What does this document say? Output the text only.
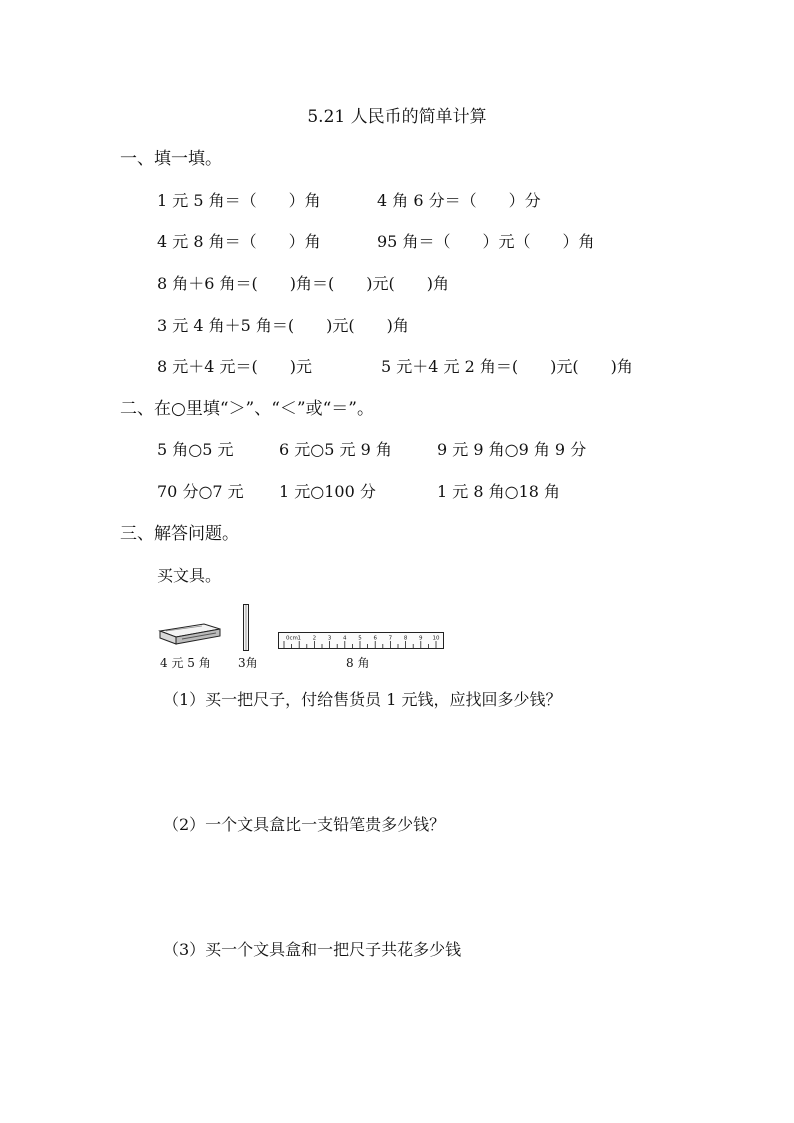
5.21 人民币的简单计算
一、填一填。
1 元 5 角＝（　　）角	4 角 6 分＝（　　）分
4 元 8 角＝（　　）角	95 角＝（　　）元（　　）角
8 角＋6 角＝(　　)角＝(　　)元(　　)角
3 元 4 角＋5 角＝(　　)元(　　)角
8 元＋4 元＝(　　)元	5 元＋4 元 2 角＝(　　)元(　　)角
二、在○里填“＞”、“＜”或“＝”。
5 角○5 元	6 元○5 元 9 角	9 元 9 角○9 角 9 分
70 分○7 元 1 元○100 分	1 元 8 角○18 角
三、解答问题。
买文具。
0cm 1 2 3 4 5 6 7 8 9 10
4 元 5 角 3角	8 角
（1）买一把尺子，付给售货员 1 元钱，应找回多少钱？
（2）一个文具盒比一支铅笔贵多少钱？
（3）买一个文具盒和一把尺子共花多少钱
